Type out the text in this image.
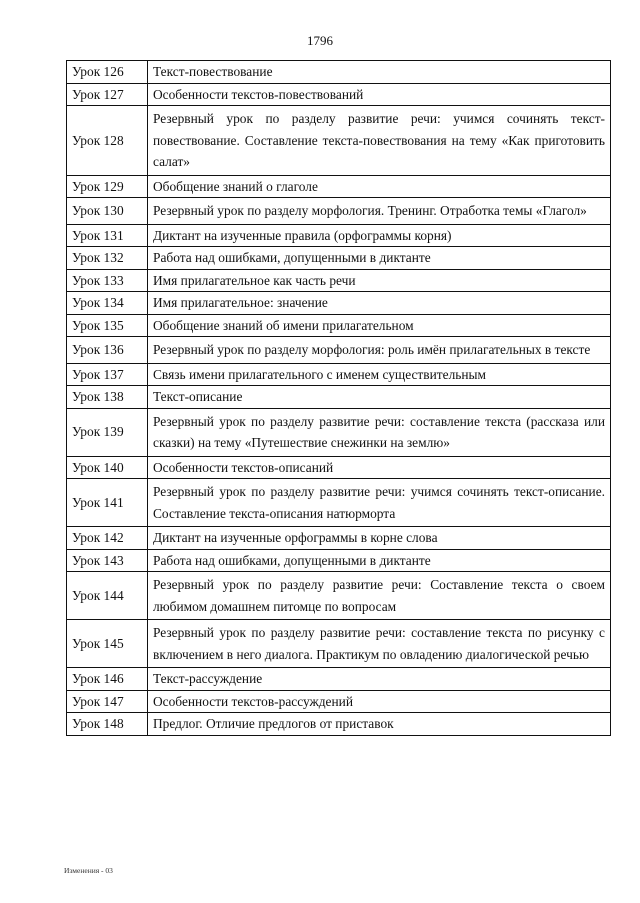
1796
Урок 126	Текст-повествование
Урок 127	Особенности текстов-повествований
Урок 128	Резервный урок по разделу развитие речи: учимся сочинять текст-повествование. Составление текста-повествования на тему «Как приготовить салат»
Урок 129	Обобщение знаний о глаголе
Урок 130	Резервный урок по разделу морфология. Тренинг. Отработка темы «Глагол»
Урок 131	Диктант на изученные правила (орфограммы корня)
Урок 132	Работа над ошибками, допущенными в диктанте
Урок 133	Имя прилагательное как часть речи
Урок 134	Имя прилагательное: значение
Урок 135	Обобщение знаний об имени прилагательном
Урок 136	Резервный урок по разделу морфология: роль имён прилагательных в тексте
Урок 137	Связь имени прилагательного с именем существительным
Урок 138	Текст-описание
Урок 139	Резервный урок по разделу развитие речи: составление текста (рассказа или сказки) на тему «Путешествие снежинки на землю»
Урок 140	Особенности текстов-описаний
Урок 141	Резервный урок по разделу развитие речи: учимся сочинять текст-описание. Составление текста-описания натюрморта
Урок 142	Диктант на изученные орфограммы в корне слова
Урок 143	Работа над ошибками, допущенными в диктанте
Урок 144	Резервный урок по разделу развитие речи: Составление текста о своем любимом домашнем питомце по вопросам
Урок 145	Резервный урок по разделу развитие речи: составление текста по рисунку с включением в него диалога. Практикум по овладению диалогической речью
Урок 146	Текст-рассуждение
Урок 147	Особенности текстов-рассуждений
Урок 148	Предлог. Отличие предлогов от приставок
Изменения - 03
